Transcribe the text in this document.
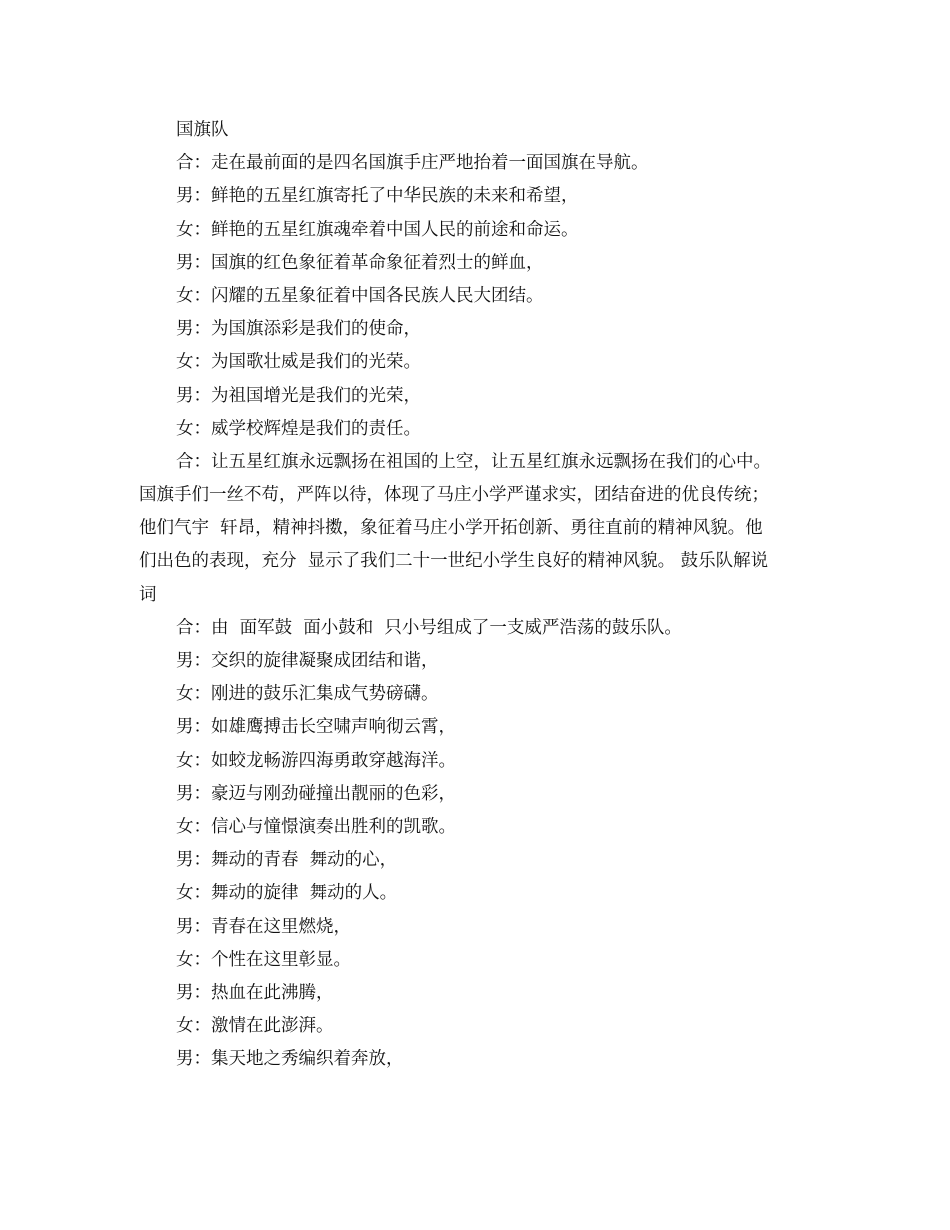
国旗队

合：走在最前面的是四名国旗手庄严地抬着一面国旗在导航。

男：鲜艳的五星红旗寄托了中华民族的未来和希望，

女：鲜艳的五星红旗魂牵着中国人民的前途和命运。

男：国旗的红色象征着革命象征着烈士的鲜血，

女：闪耀的五星象征着中国各民族人民大团结。

男：为国旗添彩是我们的使命，

女：为国歌壮威是我们的光荣。

男：为祖国增光是我们的光荣，

女：威学校辉煌是我们的责任。

合：让五星红旗永远飘扬在祖国的上空，让五星红旗永远飘扬在我们的心中。

国旗手们一丝不苟，严阵以待，体现了马庄小学严谨求实，团结奋进的优良传统；

他们气宇  轩昂，精神抖擞，象征着马庄小学开拓创新、勇往直前的精神风貌。他

们出色的表现，充分  显示了我们二十一世纪小学生良好的精神风貌。 鼓乐队解说

词

合：由  面军鼓  面小鼓和  只小号组成了一支威严浩荡的鼓乐队。

男：交织的旋律凝聚成团结和谐，

女：刚进的鼓乐汇集成气势磅礴。

男：如雄鹰搏击长空啸声响彻云霄，

女：如蛟龙畅游四海勇敢穿越海洋。

男：豪迈与刚劲碰撞出靓丽的色彩，

女：信心与憧憬演奏出胜利的凯歌。

男：舞动的青春  舞动的心，

女：舞动的旋律  舞动的人。

男：青春在这里燃烧，

女：个性在这里彰显。

男：热血在此沸腾，

女：激情在此澎湃。

男：集天地之秀编织着奔放，
